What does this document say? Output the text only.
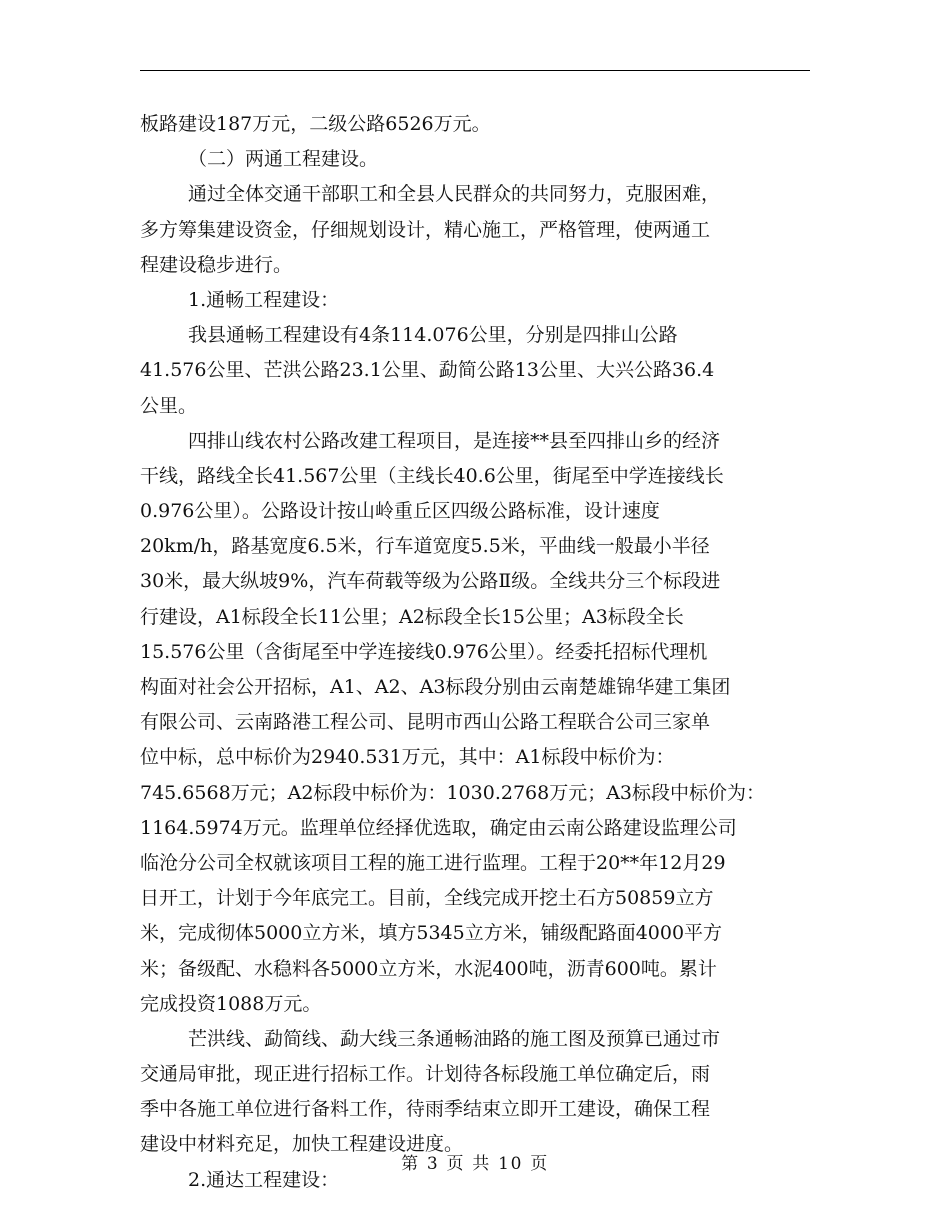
板路建设187万元，二级公路6526万元。
（二）两通工程建设。
通过全体交通干部职工和全县人民群众的共同努力，克服困难，
多方筹集建设资金，仔细规划设计，精心施工，严格管理，使两通工
程建设稳步进行。
1.通畅工程建设：
我县通畅工程建设有4条114.076公里，分别是四排山公路
41.576公里、芒洪公路23.1公里、勐简公路13公里、大兴公路36.4
公里。
四排山线农村公路改建工程项目，是连接**县至四排山乡的经济
干线，路线全长41.567公里（主线长40.6公里，街尾至中学连接线长
0.976公里）。公路设计按山岭重丘区四级公路标准，设计速度
20km/h，路基宽度6.5米，行车道宽度5.5米，平曲线一般最小半径
30米，最大纵坡9%，汽车荷载等级为公路Ⅱ级。全线共分三个标段进
行建设，A1标段全长11公里；A2标段全长15公里；A3标段全长
15.576公里（含街尾至中学连接线0.976公里）。经委托招标代理机
构面对社会公开招标，A1、A2、A3标段分别由云南楚雄锦华建工集团
有限公司、云南路港工程公司、昆明市西山公路工程联合公司三家单
位中标，总中标价为2940.531万元，其中：A1标段中标价为：
745.6568万元；A2标段中标价为：1030.2768万元；A3标段中标价为：
1164.5974万元。监理单位经择优选取，确定由云南公路建设监理公司
临沧分公司全权就该项目工程的施工进行监理。工程于20**年12月29
日开工，计划于今年底完工。目前，全线完成开挖土石方50859立方
米，完成彻体5000立方米，填方5345立方米，铺级配路面4000平方
米；备级配、水稳料各5000立方米，水泥400吨，沥青600吨。累计
完成投资1088万元。
芒洪线、勐简线、勐大线三条通畅油路的施工图及预算已通过市
交通局审批，现正进行招标工作。计划待各标段施工单位确定后，雨
季中各施工单位进行备料工作，待雨季结束立即开工建设，确保工程
建设中材料充足，加快工程建设进度。
2.通达工程建设：
第 3 页 共 10 页
